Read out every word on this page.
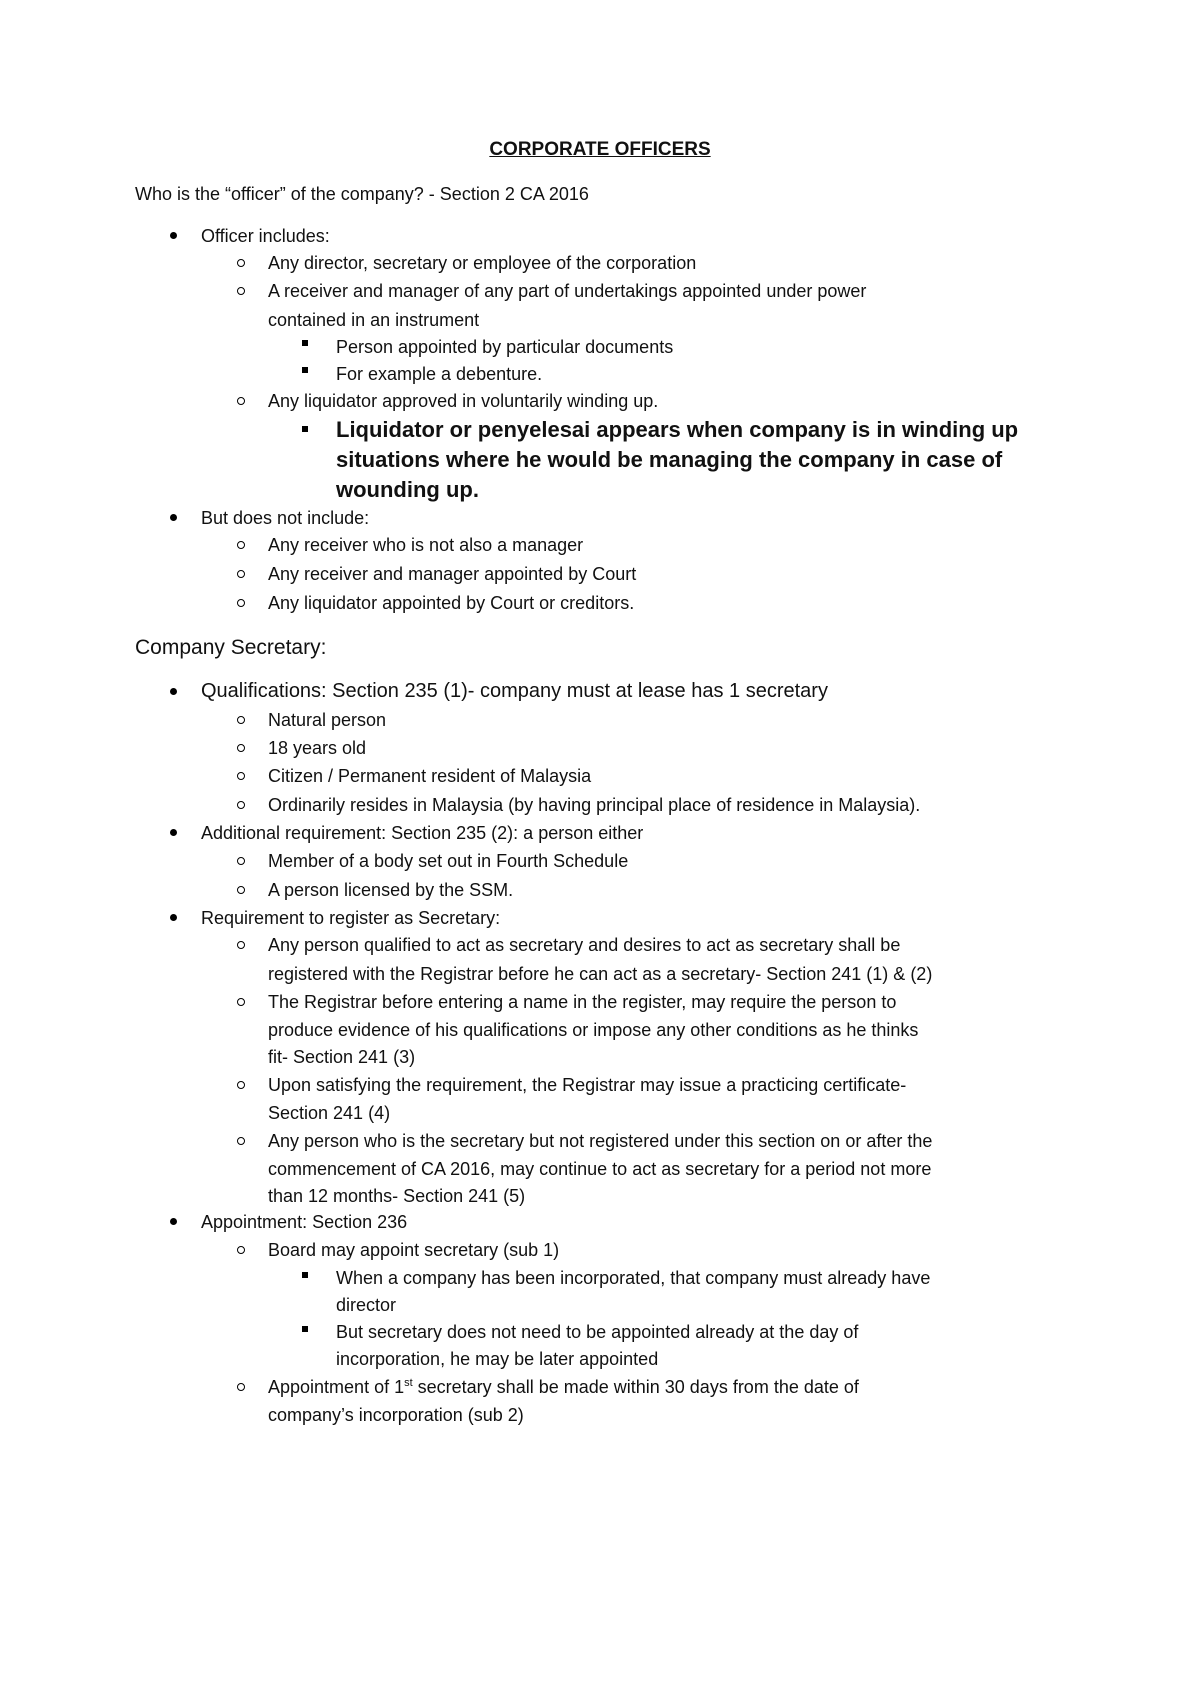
CORPORATE OFFICERS
Who is the “officer” of the company? - Section 2 CA 2016
Officer includes:
Any director, secretary or employee of the corporation
A receiver and manager of any part of undertakings appointed under power
contained in an instrument
Person appointed by particular documents
For example a debenture.
Any liquidator approved in voluntarily winding up.
Liquidator or penyelesai appears when company is in winding up
situations where he would be managing the company in case of
wounding up.
But does not include:
Any receiver who is not also a manager
Any receiver and manager appointed by Court
Any liquidator appointed by Court or creditors.
Company Secretary:
Qualifications: Section 235 (1)- company must at lease has 1 secretary
Natural person
18 years old
Citizen / Permanent resident of Malaysia
Ordinarily resides in Malaysia (by having principal place of residence in Malaysia).
Additional requirement: Section 235 (2): a person either
Member of a body set out in Fourth Schedule
A person licensed by the SSM.
Requirement to register as Secretary:
Any person qualified to act as secretary and desires to act as secretary shall be
registered with the Registrar before he can act as a secretary- Section 241 (1) & (2)
The Registrar before entering a name in the register, may require the person to
produce evidence of his qualifications or impose any other conditions as he thinks
fit- Section 241 (3)
Upon satisfying the requirement, the Registrar may issue a practicing certificate-
Section 241 (4)
Any person who is the secretary but not registered under this section on or after the
commencement of CA 2016, may continue to act as secretary for a period not more
than 12 months- Section 241 (5)
Appointment: Section 236
Board may appoint secretary (sub 1)
When a company has been incorporated, that company must already have
director
But secretary does not need to be appointed already at the day of
incorporation, he may be later appointed
Appointment of 1st secretary shall be made within 30 days from the date of
company’s incorporation (sub 2)
